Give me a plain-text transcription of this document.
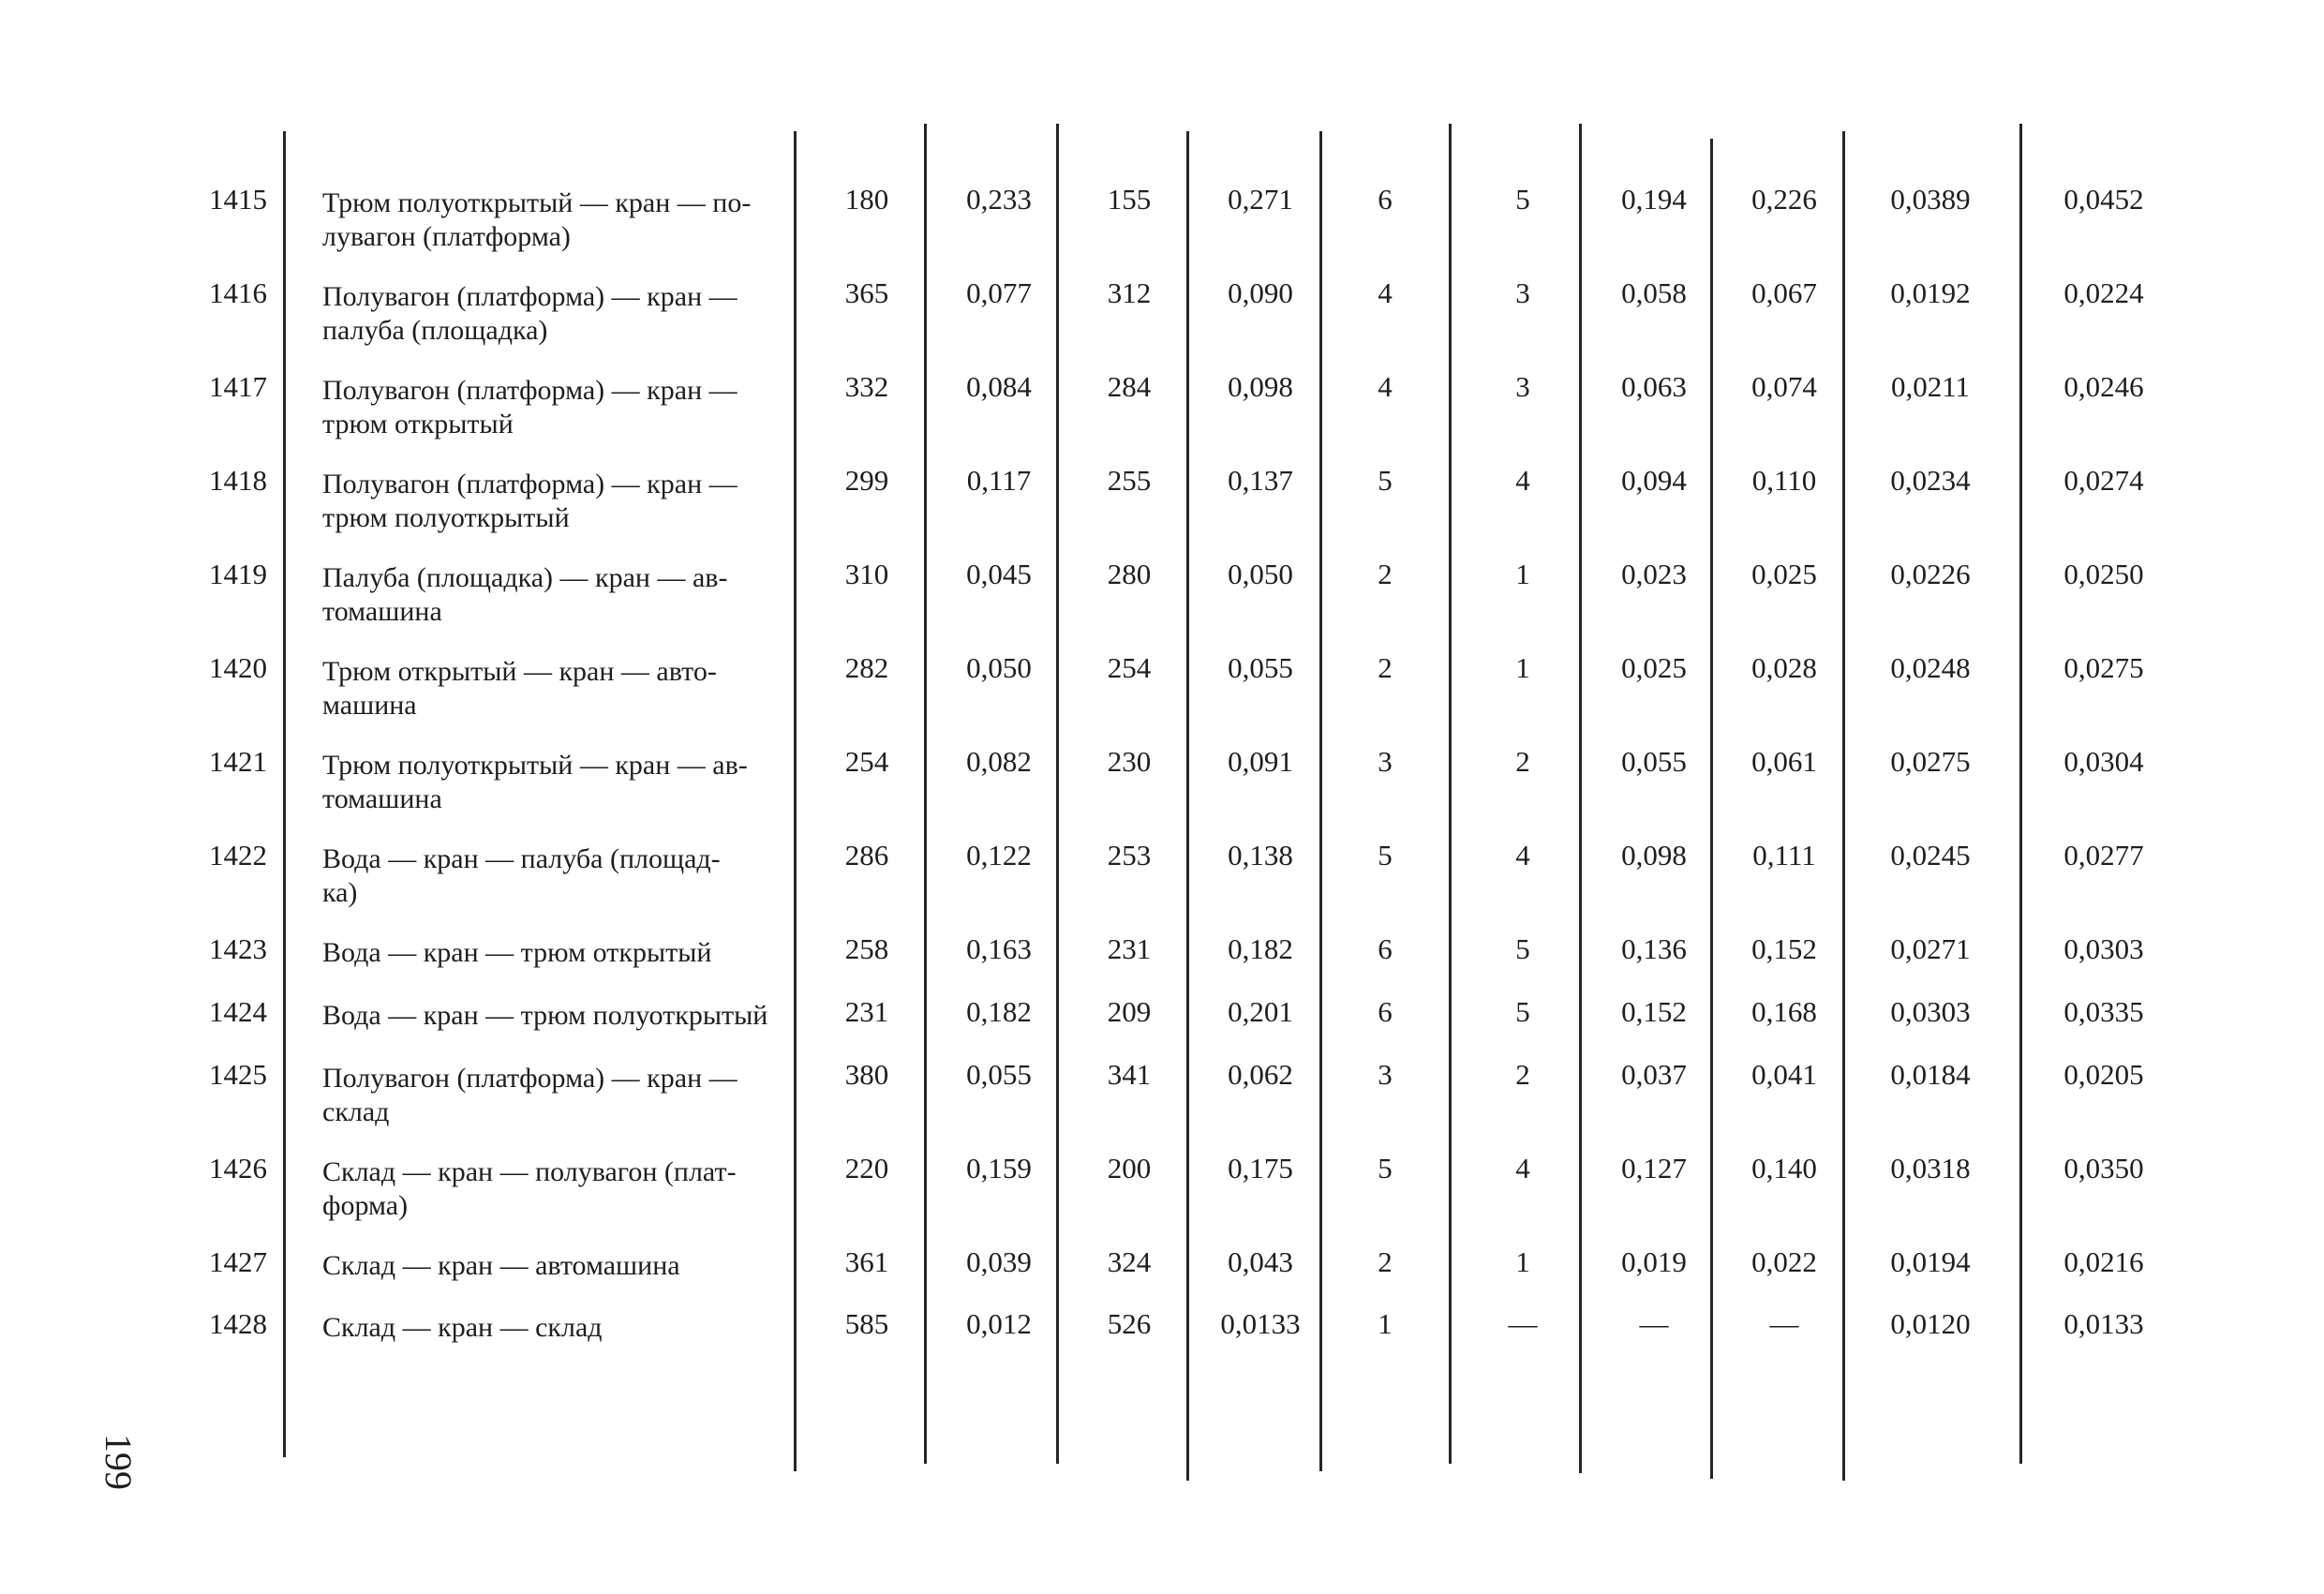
1415 Трюм полуоткрытый — кран — по-
лувагон (платформа)
180	0,233	155	0,271	6	5	0,194	0,226	0,0389	0,0452
1416 Полувагон (платформа) — кран —
палуба (площадка)
365	0,077	312	0,090	4	3	0,058	0,067	0,0192	0,0224
1417 Полувагон (платформа) — кран —
трюм открытый
332	0,084	284	0,098	4	3	0,063	0,074	0,0211	0,0246
1418 Полувагон (платформа) — кран —
трюм полуоткрытый
299	0,117	255	0,137	5	4	0,094	0,110	0,0234	0,0274
1419 Палуба (площадка) — кран — ав-
томашина
310	0,045	280	0,050	2	1	0,023	0,025	0,0226	0,0250
1420 Трюм открытый — кран — авто-
машина
282	0,050	254	0,055	2	1	0,025	0,028	0,0248	0,0275
1421 Трюм полуоткрытый — кран — ав-
томашина
254	0,082	230	0,091	3	2	0,055	0,061	0,0275	0,0304
1422 Вода — кран — палуба (площад-
ка)
286	0,122	253	0,138	5	4	0,098	0,111	0,0245	0,0277
1423 Вода — кран — трюм открытый	258	0,163	231	0,182	6	5	0,136	0,152	0,0271	0,0303
1424 Вода — кран — трюм полуоткрытый	231	0,182	209	0,201	6	5	0,152	0,168	0,0303	0,0335
1425 Полувагон (платформа) — кран —
склад
380	0,055	341	0,062	3	2	0,037	0,041	0,0184	0,0205
1426 Склад — кран — полувагон (плат-
форма)
220	0,159	200	0,175	5	4	0,127	0,140	0,0318	0,0350
1427 Склад — кран — автомашина	361	0,039	324	0,043	2	1	0,019	0,022	0,0194	0,0216
1428 Склад — кран — склад	585	0,012	526	0,0133	1	—	—	—	0,0120	0,0133
199
